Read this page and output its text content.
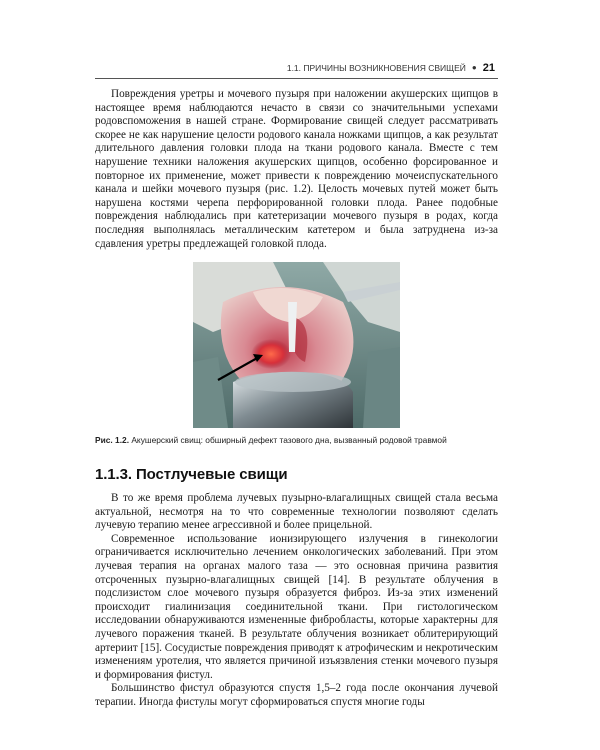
1.1. ПРИЧИНЫ ВОЗНИКНОВЕНИЯ СВИЩЕЙ ● 21

Повреждения уретры и мочевого пузыря при наложении акушерских щипцов в настоящее время наблюдаются нечасто в связи со значительными успехами родовспоможения в нашей стране. Формирование свищей следует рассматривать скорее не как нарушение целости родового канала ножками щипцов, а как результат длительного давления головки плода на ткани родового канала. Вместе с тем нарушение техники наложения акушерских щипцов, особенно форсированное и повторное их применение, может привести к повреждению мочеиспускательного канала и шейки мочевого пузыря (рис. 1.2). Целость мочевых путей может быть нарушена костями черепа перфорированной головки плода. Ранее подобные повреждения наблюдались при катетеризации мочевого пузыря в родах, когда последняя выполнялась металлическим катетером и была затруднена из-за сдавления уретры предлежащей головкой плода.

Рис. 1.2. Акушерский свищ: обширный дефект тазового дна, вызванный родовой травмой
1.1.3. Постлучевые свищи

В то же время проблема лучевых пузырно-влагалищных свищей стала весьма актуальной, несмотря на то что современные технологии позволяют сделать лучевую терапию менее агрессивной и более прицельной.

Современное использование ионизирующего излучения в гинекологии ограничивается исключительно лечением онкологических заболеваний. При этом лучевая терапия на органах малого таза — это основная причина развития отсроченных пузырно-влагалищных свищей [14]. В результате облучения в подслизистом слое мочевого пузыря образуется фиброз. Из-за этих изменений происходит гиалинизация соединительной ткани. При гистологическом исследовании обнаруживаются измененные фибробласты, которые характерны для лучевого поражения тканей. В результате облучения возникает облитерирующий артериит [15]. Сосудистые повреждения приводят к атрофическим и некротическим изменениям уротелия, что является причиной изъязвления стенки мочевого пузыря и формирования фистул.

Большинство фистул образуются спустя 1,5–2 года после окончания лучевой терапии. Иногда фистулы могут сформироваться спустя многие годы
